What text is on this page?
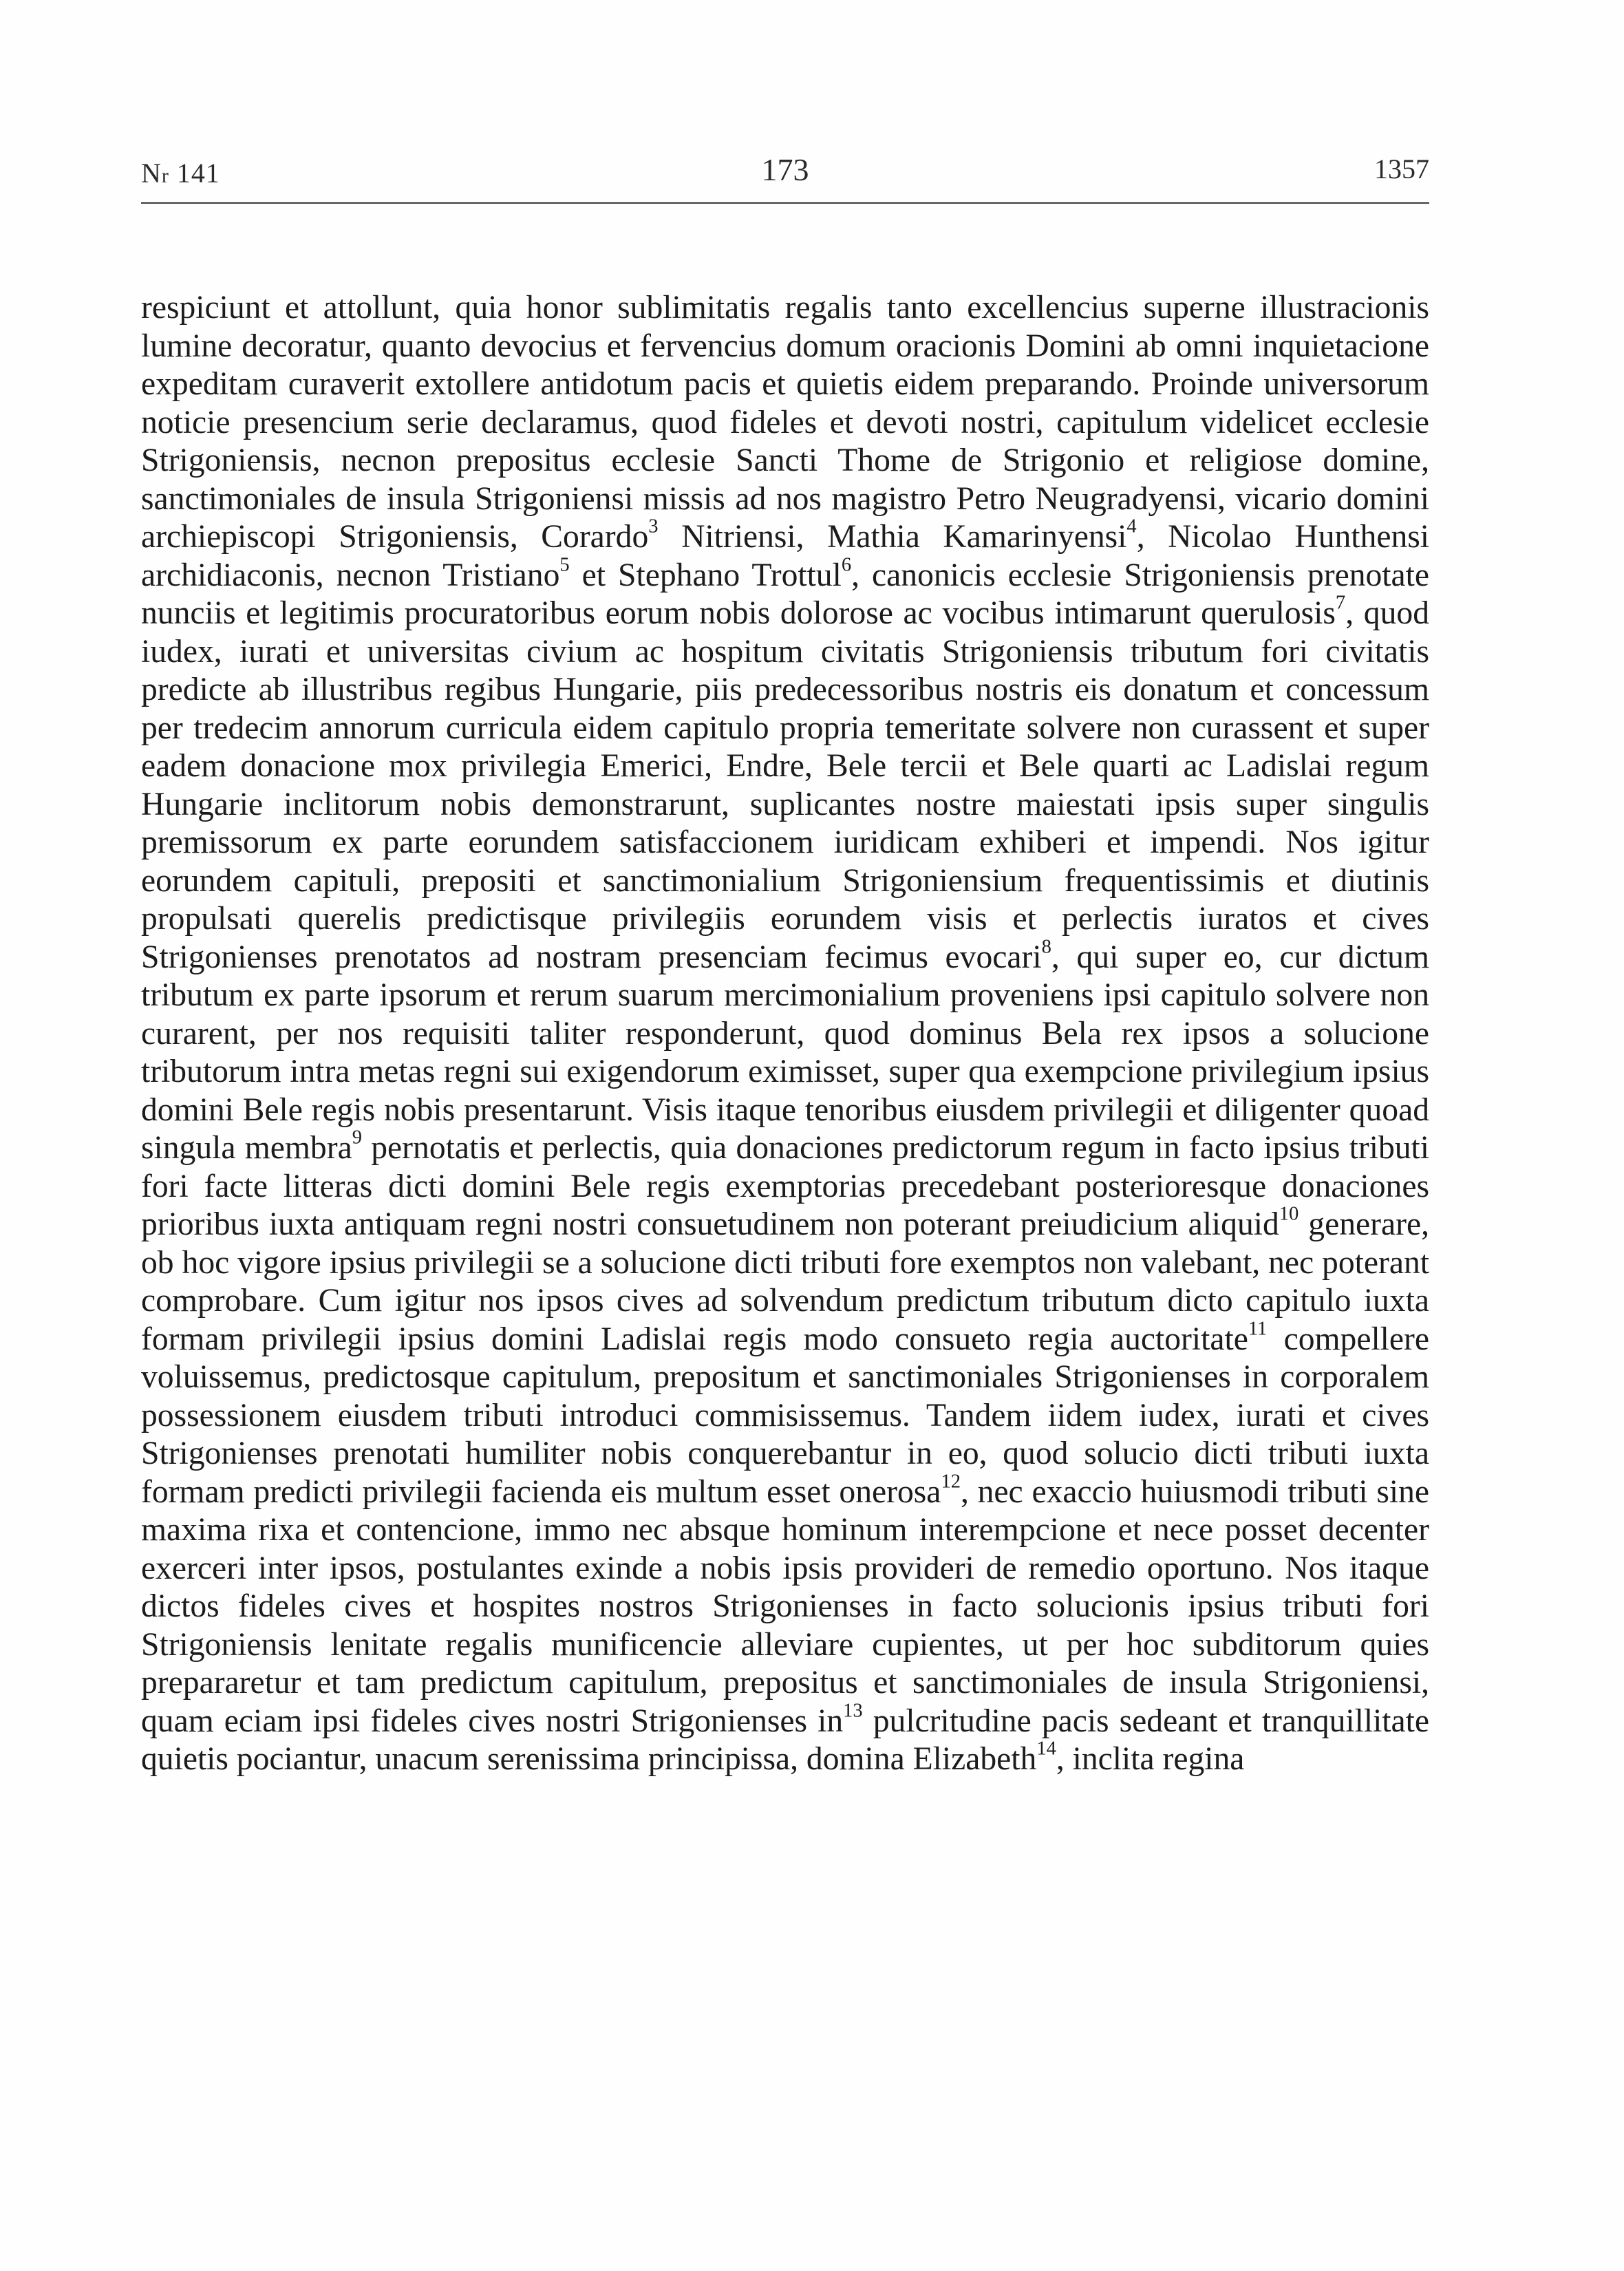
Nr 141	173	1357

respiciunt et attollunt, quia honor sublimitatis regalis tanto excellencius superne illustracionis lumine decoratur, quanto devocius et fervencius domum oracionis Domini ab omni inquietacione expeditam curaverit extollere antidotum pacis et quietis eidem preparando. Proinde universorum noticie presencium serie declaramus, quod fideles et devoti nostri, capitulum videlicet ecclesie Strigoniensis, necnon prepositus ecclesie Sancti Thome de Strigonio et religiose domine, sanctimoniales de insula Strigoniensi missis ad nos magistro Petro Neugradyensi, vicario domini archiepiscopi Strigoniensis, Corardo$^3$ Nitriensi, Mathia Kamarinyensi$^4$, Nicolao Hunthensi archidiaconis, necnon Tristiano$^5$ et Stephano Trottul$^6$, canonicis ecclesie Strigoniensis prenotate nunciis et legitimis procuratoribus eorum nobis dolorose ac vocibus intimarunt querulosis$^7$, quod iudex, iurati et universitas civium ac hospitum civitatis Strigoniensis tributum fori civitatis predicte ab illustribus regibus Hungarie, piis predecessoribus nostris eis donatum et concessum per tredecim annorum curricula eidem capitulo propria temeritate solvere non curassent et super eadem donacione mox privilegia Emerici, Endre, Bele tercii et Bele quarti ac Ladislai regum Hungarie inclitorum nobis demonstrarunt, suplicantes nostre maiestati ipsis super singulis premissorum ex parte eorundem satisfaccionem iuridicam exhiberi et impendi. Nos igitur eorundem capituli, prepositi et sanctimonialium Strigoniensium frequentissimis et diutinis propulsati querelis predictisque privilegiis eorundem visis et perlectis iuratos et cives Strigonienses prenotatos ad nostram presenciam fecimus evocari$^8$, qui super eo, cur dictum tributum ex parte ipsorum et rerum suarum mercimonialium proveniens ipsi capitulo solvere non curarent, per nos requisiti taliter responderunt, quod dominus Bela rex ipsos a solucione tributorum intra metas regni sui exigendorum eximisset, super qua exempcione privilegium ipsius domini Bele regis nobis presentarunt. Visis itaque tenoribus eiusdem privilegii et diligenter quoad singula membra$^9$ pernotatis et perlectis, quia donaciones predictorum regum in facto ipsius tributi fori facte litteras dicti domini Bele regis exemptorias precedebant posterioresque donaciones prioribus iuxta antiquam regni nostri consuetudinem non poterant preiudicium aliquid$^{10}$ generare, ob hoc vigore ipsius privilegii se a solucione dicti tributi fore exemptos non valebant, nec poterant comprobare. Cum igitur nos ipsos cives ad solvendum predictum tributum dicto capitulo iuxta formam privilegii ipsius domini Ladislai regis modo consueto regia auctoritate$^{11}$ compellere voluissemus, predictosque capitulum, prepositum et sanctimoniales Strigonienses in corporalem possessionem eiusdem tributi introduci commisissemus. Tandem iidem iudex, iurati et cives Strigonienses prenotati humiliter nobis conquerebantur in eo, quod solucio dicti tributi iuxta formam predicti privilegii facienda eis multum esset onerosa$^{12}$, nec exaccio huiusmodi tributi sine maxima rixa et contencione, immo nec absque hominum interempcione et nece posset decenter exerceri inter ipsos, postulantes exinde a nobis ipsis provideri de remedio oportuno. Nos itaque dictos fideles cives et hospites nostros Strigonienses in facto solucionis ipsius tributi fori Strigoniensis lenitate regalis munificencie alleviare cupientes, ut per hoc subditorum quies prepararetur et tam predictum capitulum, prepositus et sanctimoniales de insula Strigoniensi, quam eciam ipsi fideles cives nostri Strigonienses $in^{13}$ pulcritudine pacis sedeant et tranquillitate quietis pociantur, unacum serenissima principissa, domina Elizabeth$^{14}$, inclita regina
